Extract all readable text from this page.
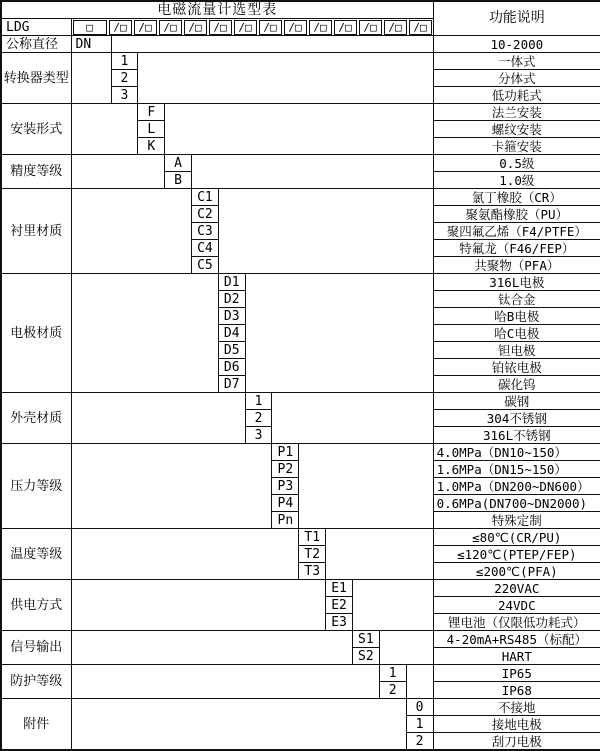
电磁流量计选型表														功能说明
LDG	□	/□	/□	/□	/□	/□	/□	/□	/□	/□	/□	/□	/□	/□

公称直径	DN													10-2000
转换器类型		1												一体式
		2												分体式
		3												低功耗式
安装形式			F											法兰安装
			L											螺纹安装
			K											卡箍安装
精度等级				A										0.5级
				B										1.0级
衬里材质					C1									氯丁橡胶（CR）
					C2									聚氨酯橡胶（PU）
					C3									聚四氟乙烯（F4/PTFE）
					C4									特氟龙（F46/FEP）
					C5									共聚物（PFA）
电极材质						D1								316L电极
						D2								钛合金
						D3								哈B电极
						D4								哈C电极
						D5								钽电极
						D6								铂铱电极
						D7								碳化钨
外壳材质							1							碳钢
							2							304不锈钢
							3							316L不锈钢
压力等级								P1						4.0MPa（DN10~150）
								P2						1.6MPa（DN15~150）
								P3						1.0MPa（DN200~DN600）
								P4						0.6MPa(DN700~DN2000)
								Pn						特殊定制
温度等级									T1					≤80℃(CR/PU)
									T2					≤120℃(PTEP/FEP)
									T3					≤200℃(PFA)
供电方式										E1				220VAC
										E2				24VDC
										E3				锂电池（仅限低功耗式）
信号输出											S1			4-20mA+RS485（标配）
											S2			HART
防护等级												1		IP65
												2		IP68
附件													0	不接地
													1	接地电极
													2	刮刀电极
